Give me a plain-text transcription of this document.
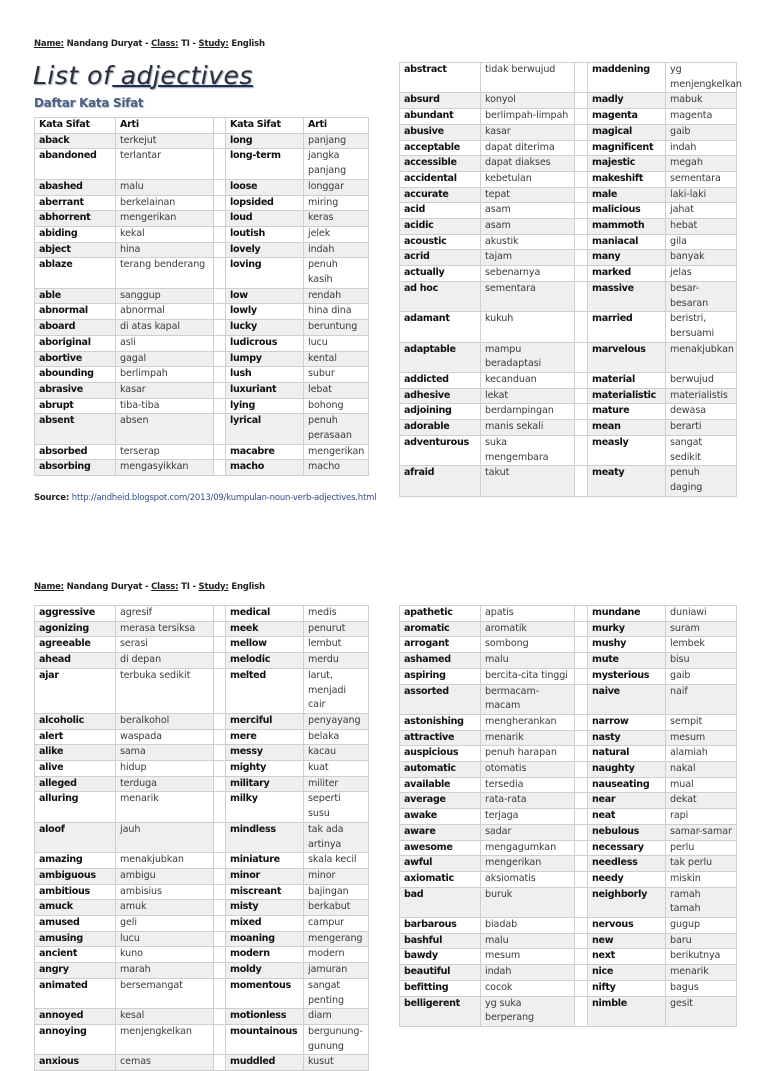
Name: Nandang Duryat - Class: TI - Study: English
List of adjectives
Daftar Kata Sifat
Kata Sifat	Arti		Kata Sifat	Arti
aback	terkejut		long	panjang
abandoned	terlantar		long-term	jangka panjang
abashed	malu		loose	longgar
aberrant	berkelainan		lopsided	miring
abhorrent	mengerikan		loud	keras
abiding	kekal		loutish	jelek
abject	hina		lovely	indah
ablaze	terang benderang		loving	penuh kasih
able	sanggup		low	rendah
abnormal	abnormal		lowly	hina dina
aboard	di atas kapal		lucky	beruntung
aboriginal	asli		ludicrous	lucu
abortive	gagal		lumpy	kental
abounding	berlimpah		lush	subur
abrasive	kasar		luxuriant	lebat
abrupt	tiba-tiba		lying	bohong
absent	absen		lyrical	penuh perasaan
absorbed	terserap		macabre	mengerikan
absorbing	mengasyikkan		macho	macho
abstract	tidak berwujud		maddening	yg menjengkelkan
absurd	konyol		madly	mabuk
abundant	berlimpah-limpah		magenta	magenta
abusive	kasar		magical	gaib
acceptable	dapat diterima		magnificent	indah
accessible	dapat diakses		majestic	megah
accidental	kebetulan		makeshift	sementara
accurate	tepat		male	laki-laki
acid	asam		malicious	jahat
acidic	asam		mammoth	hebat
acoustic	akustik		maniacal	gila
acrid	tajam		many	banyak
actually	sebenarnya		marked	jelas
ad hoc	sementara		massive	besar-besaran
adamant	kukuh		married	beristri, bersuami
adaptable	mampu beradaptasi		marvelous	menakjubkan
addicted	kecanduan		material	berwujud
adhesive	lekat		materialistic	materialistis
adjoining	berdampingan		mature	dewasa
adorable	manis sekali		mean	berarti
adventurous	suka mengembara		measly	sangat sedikit
afraid	takut		meaty	penuh daging
Source: http://andheid.blogspot.com/2013/09/kumpulan-noun-verb-adjectives.html
Name: Nandang Duryat - Class: TI - Study: English
aggressive	agresif		medical	medis
agonizing	merasa tersiksa		meek	penurut
agreeable	serasi		mellow	lembut
ahead	di depan		melodic	merdu
ajar	terbuka sedikit		melted	larut, menjadi cair
alcoholic	beralkohol		merciful	penyayang
alert	waspada		mere	belaka
alike	sama		messy	kacau
alive	hidup		mighty	kuat
alleged	terduga		military	militer
alluring	menarik		milky	seperti susu
aloof	jauh		mindless	tak ada artinya
amazing	menakjubkan		miniature	skala kecil
ambiguous	ambigu		minor	minor
ambitious	ambisius		miscreant	bajingan
amuck	amuk		misty	berkabut
amused	geli		mixed	campur
amusing	lucu		moaning	mengerang
ancient	kuno		modern	modern
angry	marah		moldy	jamuran
animated	bersemangat		momentous	sangat penting
annoyed	kesal		motionless	diam
annoying	menjengkelkan		mountainous	bergunung-gunung
anxious	cemas		muddled	kusut
apathetic	apatis		mundane	duniawi
aromatic	aromatik		murky	suram
arrogant	sombong		mushy	lembek
ashamed	malu		mute	bisu
aspiring	bercita-cita tinggi		mysterious	gaib
assorted	bermacam-macam		naive	naif
astonishing	mengherankan		narrow	sempit
attractive	menarik		nasty	mesum
auspicious	penuh harapan		natural	alamiah
automatic	otomatis		naughty	nakal
available	tersedia		nauseating	mual
average	rata-rata		near	dekat
awake	terjaga		neat	rapi
aware	sadar		nebulous	samar-samar
awesome	mengagumkan		necessary	perlu
awful	mengerikan		needless	tak perlu
axiomatic	aksiomatis		needy	miskin
bad	buruk		neighborly	ramah tamah
barbarous	biadab		nervous	gugup
bashful	malu		new	baru
bawdy	mesum		next	berikutnya
beautiful	indah		nice	menarik
befitting	cocok		nifty	bagus
belligerent	yg suka berperang		nimble	gesit
